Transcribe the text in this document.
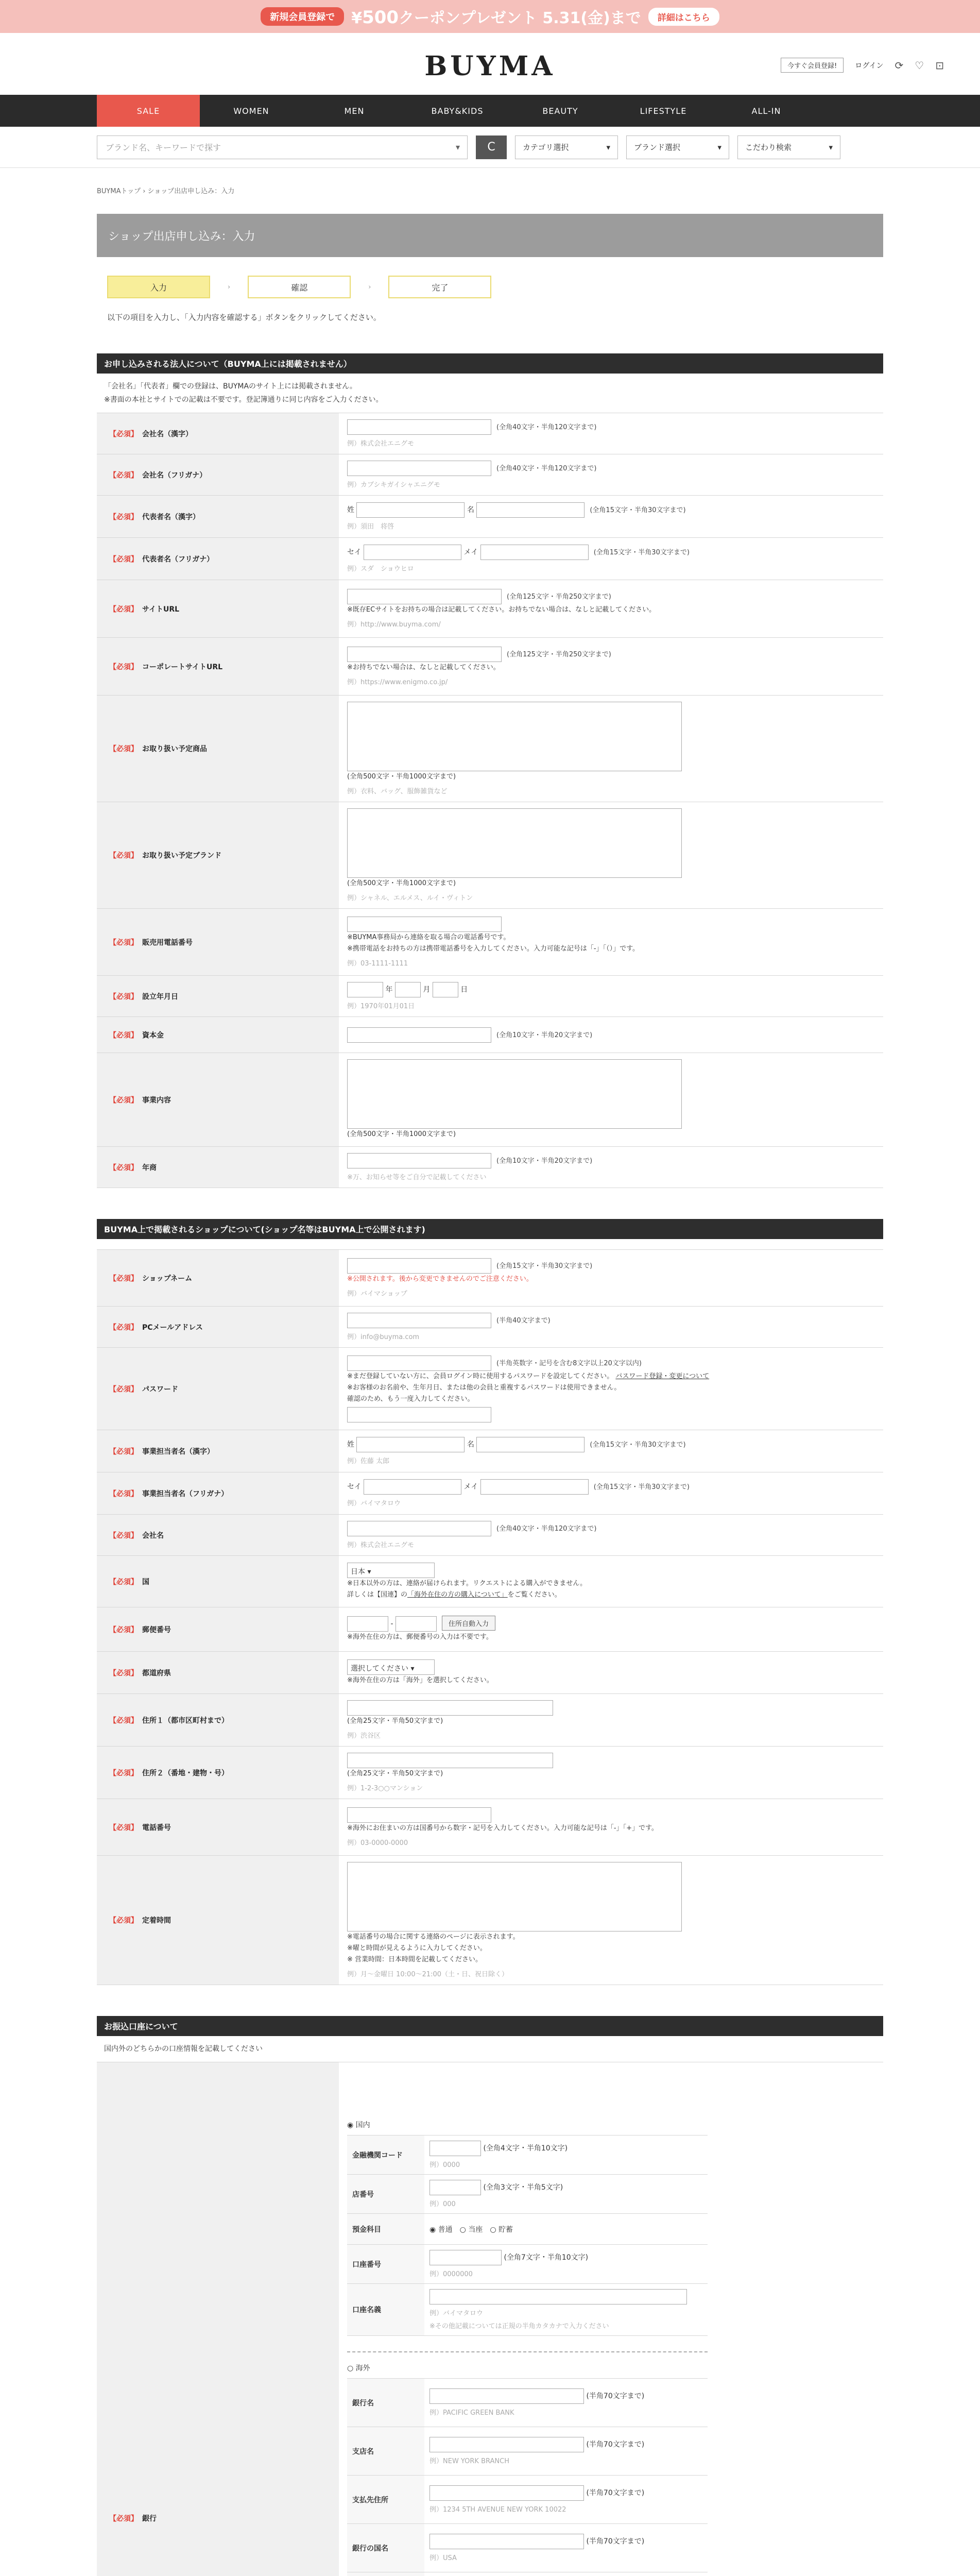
新規会員登録で	¥500クーポンプレゼント 5.31(金)まで	詳細はこちら
BUYMA	今すぐ会員登録!	ログイン ⟳ ♡ ⊡
SALE	WOMEN	MEN	BABY&KIDS	BEAUTY	LIFESTYLE	ALL-IN
ブランド名、キーワードで探す	▾ C	カテゴリ選択	▾	ブランド選択	▾	こだわり検索	▾
BUYMAトップ › ショップ出店申し込み：入力
ショップ出店申し込み：入力
入力	›	確認	›	完了
以下の項目を入力し、「入力内容を確認する」ボタンをクリックしてください。
お申し込みされる法人について（BUYMA上には掲載されません）
「会社名」「代表者」欄での登録は、BUYMAのサイト上には掲載されません。
※書面の本社とサイトでの記載は不要です。登記簿通りに同じ内容をご入力ください。
【必須】 会社名（漢字）	(全角40文字・半角120文字まで)
例）株式会社エニグモ

【必須】 会社名（フリガナ）	(全角40文字・半角120文字まで)
例）カブシキガイシャエニグモ

【必須】 代表者名（漢字）	姓 名 (全角15文字・半角30文字まで)
例）須田　将啓

【必須】 代表者名（フリガナ）	セイ メイ (全角15文字・半角30文字まで)
例）スダ　ショウヒロ

【必須】 サイトURL	(全角125文字・半角250文字まで)
※既存ECサイトをお持ちの場合は記載してください。お持ちでない場合は、なしと記載してください。
例）http://www.buyma.com/

【必須】 コーポレートサイトURL	(全角125文字・半角250文字まで)
※お持ちでない場合は、なしと記載してください。
例）https://www.enigmo.co.jp/

【必須】 お取り扱い予定商品	(全角500文字・半角1000文字まで)
例）衣料、バッグ、服飾雑貨など

【必須】 お取り扱い予定ブランド	(全角500文字・半角1000文字まで)
例）シャネル、エルメス、ルイ・ヴィトン

【必須】 販売用電話番号	※BUYMA事務局から連絡を取る場合の電話番号です。
※携帯電話をお持ちの方は携帯電話番号を入力してください。入力可能な記号は「-」「（）」です。
例）03-1111-1111

【必須】 設立年月日	年 月 日
例）1970年01月01日

【必須】 資本金	(全角10文字・半角20文字まで)
【必須】 事業内容	(全角500文字・半角1000文字まで)

【必須】 年商	(全角10文字・半角20文字まで)
※万、お知らせ等をご自分で記載してください
BUYMA上で掲載されるショップについて(ショップ名等はBUYMA上で公開されます)
【必須】 ショップネーム	(全角15文字・半角30文字まで)
※公開されます。後から変更できませんのでご注意ください。
例）バイマショップ

【必須】 PCメールアドレス	(半角40文字まで)
例）info@buyma.com

【必須】 パスワード	(半角英数字・記号を含む8文字以上20文字以内)
※まだ登録していない方に、会員ログイン時に使用するパスワードを設定してください。 パスワード登録・変更について
※お客様のお名前や、生年月日、または他の会員と重複するパスワードは使用できません。
確認のため、もう一度入力してください。

【必須】 事業担当者名（漢字）	姓 名 (全角15文字・半角30文字まで)
例）佐藤 太郎

【必須】 事業担当者名（フリガナ）	セイ メイ (全角15文字・半角30文字まで)
例）バイマタロウ

【必須】 会社名	(全角40文字・半角120文字まで)
例）株式会社エニグモ

【必須】 国	日本 ▾
※日本以外の方は、連絡が届けられます。リクエストによる購入ができません。
詳しくは【国連】の「海外在住の方の購入について」をご覧ください。

【必須】 郵便番号	- 住所自動入力
※海外在住の方は、郵便番号の入力は不要です。

【必須】 都道府県	選択してください ▾
※海外在住の方は「海外」を選択してください。

【必須】 住所１（都市区町村まで）	(全角25文字・半角50文字まで)
例）渋谷区

【必須】 住所２（番地・建物・号）	(全角25文字・半角50文字まで)
例）1-2-3○○マンション

【必須】 電話番号	※海外にお住まいの方は国番号から数字・記号を入力してください。入力可能な記号は「-」「+」です。
例）03-0000-0000

【必須】 定着時間	※電話番号の場合に関する連絡のページに表示されます。
※曜と時間が見えるように入力してください。
※ 営業時間：日本時間を記載してください。
例）月～金曜日 10:00～21:00（土・日、祝日除く）
お振込口座について
国内外のどちらかの口座情報を記載してください
【必須】 銀行	
◉ 国内
金融機関コード	(全角4文字・半角10文字)
例）0000

店番号	(全角3文字・半角5文字)
例）000

預金科目	◉ 普通　 ○ 当座　 ○ 貯蓄
口座番号	(全角7文字・半角10文字)
例）0000000

口座名義	例）バイマタロウ
※その他記載については正規の半角カタカナで入力ください
○ 海外
銀行名	(半角70文字まで)
例）PACIFIC GREEN BANK

支店名	(半角70文字まで)
例）NEW YORK BRANCH

支払先住所	(半角70文字まで)
例）1234 5TH AVENUE NEW YORK 10022

銀行の国名	(半角70文字まで)
例）USA
